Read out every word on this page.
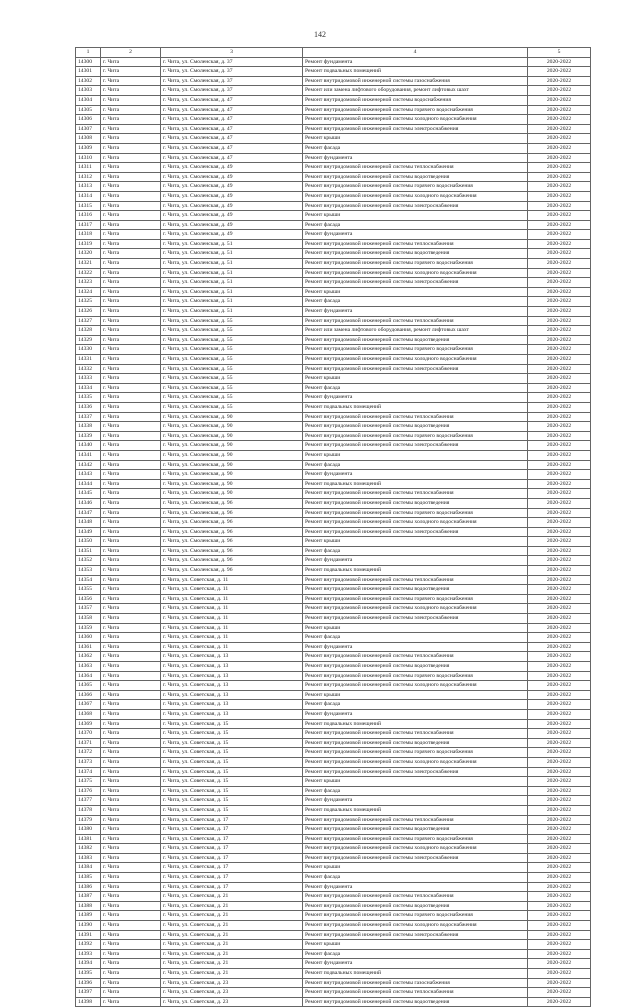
142
1	2	3	4	5
14300	г. Чита	г. Чита, ул. Смоленская, д. 37	Ремонт фундамента	2020-2022
14301	г. Чита	г. Чита, ул. Смоленская, д. 37	Ремонт подвальных помещений	2020-2022
14302	г. Чита	г. Чита, ул. Смоленская, д. 37	Ремонт внутридомовой инженерной системы газоснабжения	2020-2022
14303	г. Чита	г. Чита, ул. Смоленская, д. 37	Ремонт или замена лифтового оборудования, ремонт лифтовых шахт	2020-2022
14304	г. Чита	г. Чита, ул. Смоленская, д. 47	Ремонт внутридомовой инженерной системы водоснабжения	2020-2022
14305	г. Чита	г. Чита, ул. Смоленская, д. 47	Ремонт внутридомовой инженерной системы горячего водоснабжения	2020-2022
14306	г. Чита	г. Чита, ул. Смоленская, д. 47	Ремонт внутридомовой инженерной системы холодного водоснабжения	2020-2022
14307	г. Чита	г. Чита, ул. Смоленская, д. 47	Ремонт внутридомовой инженерной системы электроснабжения	2020-2022
14308	г. Чита	г. Чита, ул. Смоленская, д. 47	Ремонт крыши	2020-2022
14309	г. Чита	г. Чита, ул. Смоленская, д. 47	Ремонт фасада	2020-2022
14310	г. Чита	г. Чита, ул. Смоленская, д. 47	Ремонт фундамента	2020-2022
14311	г. Чита	г. Чита, ул. Смоленская, д. 49	Ремонт внутридомовой инженерной системы теплоснабжения	2020-2022
14312	г. Чита	г. Чита, ул. Смоленская, д. 49	Ремонт внутридомовой инженерной системы водоотведения	2020-2022
14313	г. Чита	г. Чита, ул. Смоленская, д. 49	Ремонт внутридомовой инженерной системы горячего водоснабжения	2020-2022
14314	г. Чита	г. Чита, ул. Смоленская, д. 49	Ремонт внутридомовой инженерной системы холодного водоснабжения	2020-2022
14315	г. Чита	г. Чита, ул. Смоленская, д. 49	Ремонт внутридомовой инженерной системы электроснабжения	2020-2022
14316	г. Чита	г. Чита, ул. Смоленская, д. 49	Ремонт крыши	2020-2022
14317	г. Чита	г. Чита, ул. Смоленская, д. 49	Ремонт фасада	2020-2022
14318	г. Чита	г. Чита, ул. Смоленская, д. 49	Ремонт фундамента	2020-2022
14319	г. Чита	г. Чита, ул. Смоленская, д. 51	Ремонт внутридомовой инженерной системы теплоснабжения	2020-2022
14320	г. Чита	г. Чита, ул. Смоленская, д. 51	Ремонт внутридомовой инженерной системы водоотведения	2020-2022
14321	г. Чита	г. Чита, ул. Смоленская, д. 51	Ремонт внутридомовой инженерной системы горячего водоснабжения	2020-2022
14322	г. Чита	г. Чита, ул. Смоленская, д. 51	Ремонт внутридомовой инженерной системы холодного водоснабжения	2020-2022
14323	г. Чита	г. Чита, ул. Смоленская, д. 51	Ремонт внутридомовой инженерной системы электроснабжения	2020-2022
14324	г. Чита	г. Чита, ул. Смоленская, д. 51	Ремонт крыши	2020-2022
14325	г. Чита	г. Чита, ул. Смоленская, д. 51	Ремонт фасада	2020-2022
14326	г. Чита	г. Чита, ул. Смоленская, д. 51	Ремонт фундамента	2020-2022
14327	г. Чита	г. Чита, ул. Смоленская, д. 55	Ремонт внутридомовой инженерной системы теплоснабжения	2020-2022
14328	г. Чита	г. Чита, ул. Смоленская, д. 55	Ремонт или замена лифтового оборудования, ремонт лифтовых шахт	2020-2022
14329	г. Чита	г. Чита, ул. Смоленская, д. 55	Ремонт внутридомовой инженерной системы водоотведения	2020-2022
14330	г. Чита	г. Чита, ул. Смоленская, д. 55	Ремонт внутридомовой инженерной системы горячего водоснабжения	2020-2022
14331	г. Чита	г. Чита, ул. Смоленская, д. 55	Ремонт внутридомовой инженерной системы холодного водоснабжения	2020-2022
14332	г. Чита	г. Чита, ул. Смоленская, д. 55	Ремонт внутридомовой инженерной системы электроснабжения	2020-2022
14333	г. Чита	г. Чита, ул. Смоленская, д. 55	Ремонт крыши	2020-2022
14334	г. Чита	г. Чита, ул. Смоленская, д. 55	Ремонт фасада	2020-2022
14335	г. Чита	г. Чита, ул. Смоленская, д. 55	Ремонт фундамента	2020-2022
14336	г. Чита	г. Чита, ул. Смоленская, д. 55	Ремонт подвальных помещений	2020-2022
14337	г. Чита	г. Чита, ул. Смоленская, д. 90	Ремонт внутридомовой инженерной системы теплоснабжения	2020-2022
14338	г. Чита	г. Чита, ул. Смоленская, д. 90	Ремонт внутридомовой инженерной системы водоотведения	2020-2022
14339	г. Чита	г. Чита, ул. Смоленская, д. 90	Ремонт внутридомовой инженерной системы горячего водоснабжения	2020-2022
14340	г. Чита	г. Чита, ул. Смоленская, д. 90	Ремонт внутридомовой инженерной системы электроснабжения	2020-2022
14341	г. Чита	г. Чита, ул. Смоленская, д. 90	Ремонт крыши	2020-2022
14342	г. Чита	г. Чита, ул. Смоленская, д. 90	Ремонт фасада	2020-2022
14343	г. Чита	г. Чита, ул. Смоленская, д. 90	Ремонт фундамента	2020-2022
14344	г. Чита	г. Чита, ул. Смоленская, д. 90	Ремонт подвальных помещений	2020-2022
14345	г. Чита	г. Чита, ул. Смоленская, д. 90	Ремонт внутридомовой инженерной системы теплоснабжения	2020-2022
14346	г. Чита	г. Чита, ул. Смоленская, д. 96	Ремонт внутридомовой инженерной системы водоотведения	2020-2022
14347	г. Чита	г. Чита, ул. Смоленская, д. 96	Ремонт внутридомовой инженерной системы горячего водоснабжения	2020-2022
14348	г. Чита	г. Чита, ул. Смоленская, д. 96	Ремонт внутридомовой инженерной системы холодного водоснабжения	2020-2022
14349	г. Чита	г. Чита, ул. Смоленская, д. 96	Ремонт внутридомовой инженерной системы электроснабжения	2020-2022
14350	г. Чита	г. Чита, ул. Смоленская, д. 96	Ремонт крыши	2020-2022
14351	г. Чита	г. Чита, ул. Смоленская, д. 96	Ремонт фасада	2020-2022
14352	г. Чита	г. Чита, ул. Смоленская, д. 96	Ремонт фундамента	2020-2022
14353	г. Чита	г. Чита, ул. Смоленская, д. 96	Ремонт подвальных помещений	2020-2022
14354	г. Чита	г. Чита, ул. Советская, д. 11	Ремонт внутридомовой инженерной системы теплоснабжения	2020-2022
14355	г. Чита	г. Чита, ул. Советская, д. 11	Ремонт внутридомовой инженерной системы водоотведения	2020-2022
14356	г. Чита	г. Чита, ул. Советская, д. 11	Ремонт внутридомовой инженерной системы горячего водоснабжения	2020-2022
14357	г. Чита	г. Чита, ул. Советская, д. 11	Ремонт внутридомовой инженерной системы холодного водоснабжения	2020-2022
14358	г. Чита	г. Чита, ул. Советская, д. 11	Ремонт внутридомовой инженерной системы электроснабжения	2020-2022
14359	г. Чита	г. Чита, ул. Советская, д. 11	Ремонт крыши	2020-2022
14360	г. Чита	г. Чита, ул. Советская, д. 11	Ремонт фасада	2020-2022
14361	г. Чита	г. Чита, ул. Советская, д. 11	Ремонт фундамента	2020-2022
14362	г. Чита	г. Чита, ул. Советская, д. 13	Ремонт внутридомовой инженерной системы теплоснабжения	2020-2022
14363	г. Чита	г. Чита, ул. Советская, д. 13	Ремонт внутридомовой инженерной системы водоотведения	2020-2022
14364	г. Чита	г. Чита, ул. Советская, д. 13	Ремонт внутридомовой инженерной системы горячего водоснабжения	2020-2022
14365	г. Чита	г. Чита, ул. Советская, д. 13	Ремонт внутридомовой инженерной системы холодного водоснабжения	2020-2022
14366	г. Чита	г. Чита, ул. Советская, д. 13	Ремонт крыши	2020-2022
14367	г. Чита	г. Чита, ул. Советская, д. 13	Ремонт фасада	2020-2022
14368	г. Чита	г. Чита, ул. Советская, д. 13	Ремонт фундамента	2020-2022
14369	г. Чита	г. Чита, ул. Советская, д. 15	Ремонт подвальных помещений	2020-2022
14370	г. Чита	г. Чита, ул. Советская, д. 15	Ремонт внутридомовой инженерной системы теплоснабжения	2020-2022
14371	г. Чита	г. Чита, ул. Советская, д. 15	Ремонт внутридомовой инженерной системы водоотведения	2020-2022
14372	г. Чита	г. Чита, ул. Советская, д. 15	Ремонт внутридомовой инженерной системы горячего водоснабжения	2020-2022
14373	г. Чита	г. Чита, ул. Советская, д. 15	Ремонт внутридомовой инженерной системы холодного водоснабжения	2020-2022
14374	г. Чита	г. Чита, ул. Советская, д. 15	Ремонт внутридомовой инженерной системы электроснабжения	2020-2022
14375	г. Чита	г. Чита, ул. Советская, д. 15	Ремонт крыши	2020-2022
14376	г. Чита	г. Чита, ул. Советская, д. 15	Ремонт фасада	2020-2022
14377	г. Чита	г. Чита, ул. Советская, д. 15	Ремонт фундамента	2020-2022
14378	г. Чита	г. Чита, ул. Советская, д. 15	Ремонт подвальных помещений	2020-2022
14379	г. Чита	г. Чита, ул. Советская, д. 17	Ремонт внутридомовой инженерной системы теплоснабжения	2020-2022
14380	г. Чита	г. Чита, ул. Советская, д. 17	Ремонт внутридомовой инженерной системы водоотведения	2020-2022
14381	г. Чита	г. Чита, ул. Советская, д. 17	Ремонт внутридомовой инженерной системы горячего водоснабжения	2020-2022
14382	г. Чита	г. Чита, ул. Советская, д. 17	Ремонт внутридомовой инженерной системы холодного водоснабжения	2020-2022
14383	г. Чита	г. Чита, ул. Советская, д. 17	Ремонт внутридомовой инженерной системы электроснабжения	2020-2022
14384	г. Чита	г. Чита, ул. Советская, д. 17	Ремонт крыши	2020-2022
14385	г. Чита	г. Чита, ул. Советская, д. 17	Ремонт фасада	2020-2022
14386	г. Чита	г. Чита, ул. Советская, д. 17	Ремонт фундамента	2020-2022
14387	г. Чита	г. Чита, ул. Советская, д. 21	Ремонт внутридомовой инженерной системы теплоснабжения	2020-2022
14388	г. Чита	г. Чита, ул. Советская, д. 21	Ремонт внутридомовой инженерной системы водоотведения	2020-2022
14389	г. Чита	г. Чита, ул. Советская, д. 21	Ремонт внутридомовой инженерной системы горячего водоснабжения	2020-2022
14390	г. Чита	г. Чита, ул. Советская, д. 21	Ремонт внутридомовой инженерной системы холодного водоснабжения	2020-2022
14391	г. Чита	г. Чита, ул. Советская, д. 21	Ремонт внутридомовой инженерной системы электроснабжения	2020-2022
14392	г. Чита	г. Чита, ул. Советская, д. 21	Ремонт крыши	2020-2022
14393	г. Чита	г. Чита, ул. Советская, д. 21	Ремонт фасада	2020-2022
14394	г. Чита	г. Чита, ул. Советская, д. 21	Ремонт фундамента	2020-2022
14395	г. Чита	г. Чита, ул. Советская, д. 21	Ремонт подвальных помещений	2020-2022
14396	г. Чита	г. Чита, ул. Советская, д. 23	Ремонт внутридомовой инженерной системы газоснабжения	2020-2022
14397	г. Чита	г. Чита, ул. Советская, д. 23	Ремонт внутридомовой инженерной системы теплоснабжения	2020-2022
14398	г. Чита	г. Чита, ул. Советская, д. 23	Ремонт внутридомовой инженерной системы водоотведения	2020-2022
